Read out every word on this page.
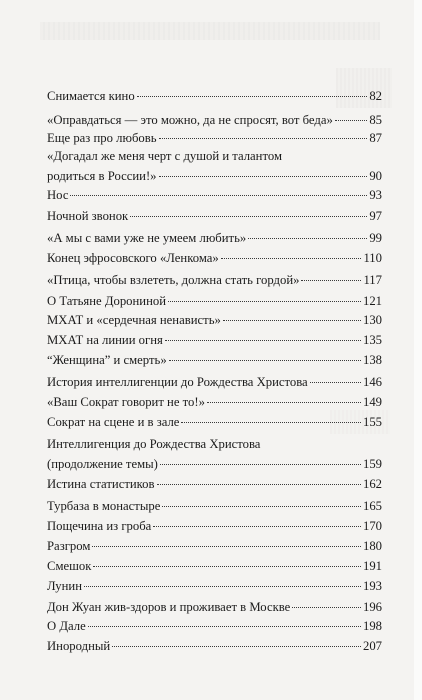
Снимается кино	82
«Оправдаться — это можно, да не спросят, вот беда»	85
Еще раз про любовь	87
«Догадал же меня черт с душой и талантом
родиться в России!»	90
Нос	93
Ночной звонок	97
«А мы с вами уже не умеем любить»	99
Конец эфросовского «Ленкома»	110
«Птица, чтобы взлететь, должна стать гордой»	117
О Татьяне Дорониной	121
МХАТ и «сердечная ненависть»	130
МХАТ на линии огня	135
“Женщина” и смерть»	138
История интеллигенции до Рождества Христова	146
«Ваш Сократ говорит не то!»	149
Сократ на сцене и в зале	155
Интеллигенция до Рождества Христова
(продолжение темы)	159
Истина статистиков	162
Турбаза в монастыре	165
Пощечина из гроба	170
Разгром	180
Смешок	191
Лунин	193
Дон Жуан жив-здоров и проживает в Москве	196
О Дале	198
Инородный	207
